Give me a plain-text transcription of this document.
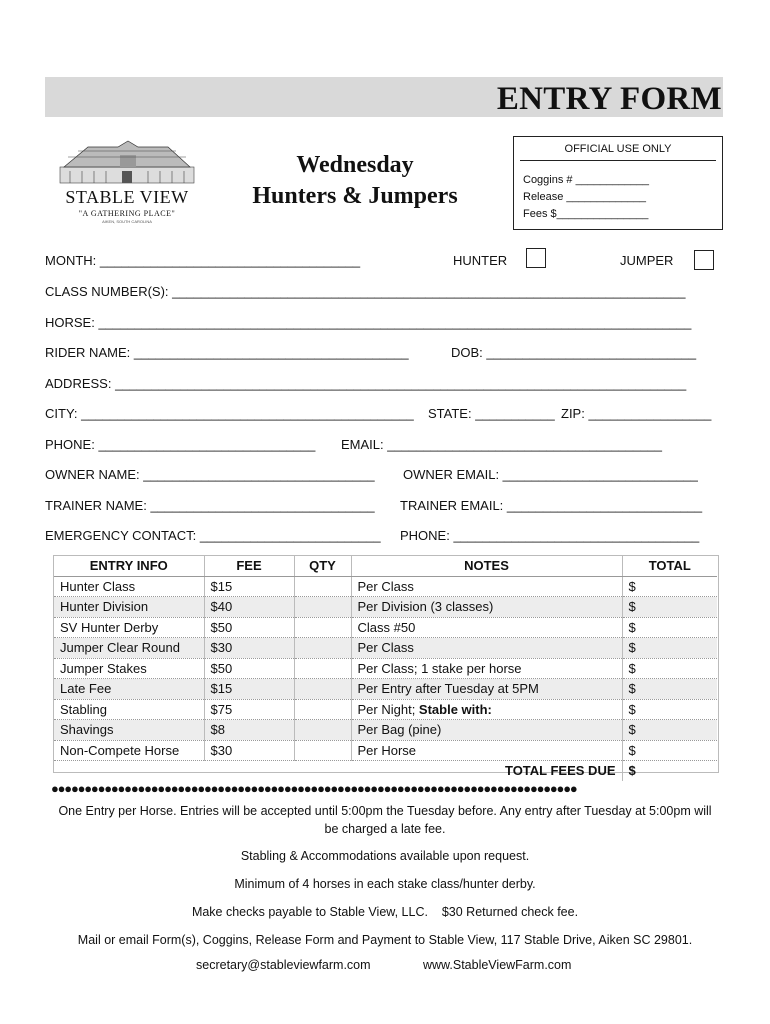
ENTRY FORM
STABLE VIEW
"A GATHERING PLACE"
AIKEN, SOUTH CAROLINA
Wednesday
Hunters & Jumpers
OFFICIAL USE ONLY
Coggins # ____________
Release _____________
Fees $_______________
MONTH: ____________________________________	HUNTER	JUMPER
CLASS NUMBER(S): _______________________________________________________________________
HORSE: __________________________________________________________________________________
RIDER NAME: ______________________________________	DOB: _____________________________
ADDRESS: _______________________________________________________________________________
CITY: ______________________________________________ STATE: ___________ ZIP: _________________
PHONE: ______________________________ EMAIL: ______________________________________
OWNER NAME: ________________________________ OWNER EMAIL: ___________________________
TRAINER NAME: _______________________________ TRAINER EMAIL: ___________________________
EMERGENCY CONTACT: _________________________ PHONE: __________________________________
ENTRY INFO	FEE	QTY	NOTES	TOTAL
Hunter Class	$15		Per Class	$
Hunter Division	$40		Per Division (3 classes)	$
SV Hunter Derby	$50		Class #50	$
Jumper Clear Round	$30		Per Class	$
Jumper Stakes	$50		Per Class; 1 stake per horse	$
Late Fee	$15		Per Entry after Tuesday at 5PM	$
Stabling	$75		Per Night; Stable with:	$
Shavings	$8		Per Bag (pine)	$
Non-Compete Horse	$30		Per Horse	$
TOTAL FEES DUE				$
●●●●●●●●●●●●●●●●●●●●●●●●●●●●●●●●●●●●●●●●●●●●●●●●●●●●●●●●●●●●●●●●●●●●●●●●●●●●●●●
One Entry per Horse. Entries will be accepted until 5:00pm the Tuesday before. Any entry after Tuesday at 5:00pm will
be charged a late fee.
Stabling & Accommodations available upon request.
Minimum of 4 horses in each stake class/hunter derby.
Make checks payable to Stable View, LLC.    $30 Returned check fee.
Mail or email Form(s), Coggins, Release Form and Payment to Stable View, 117 Stable Drive, Aiken SC 29801.
secretary@stableviewfarm.com	www.StableViewFarm.com
